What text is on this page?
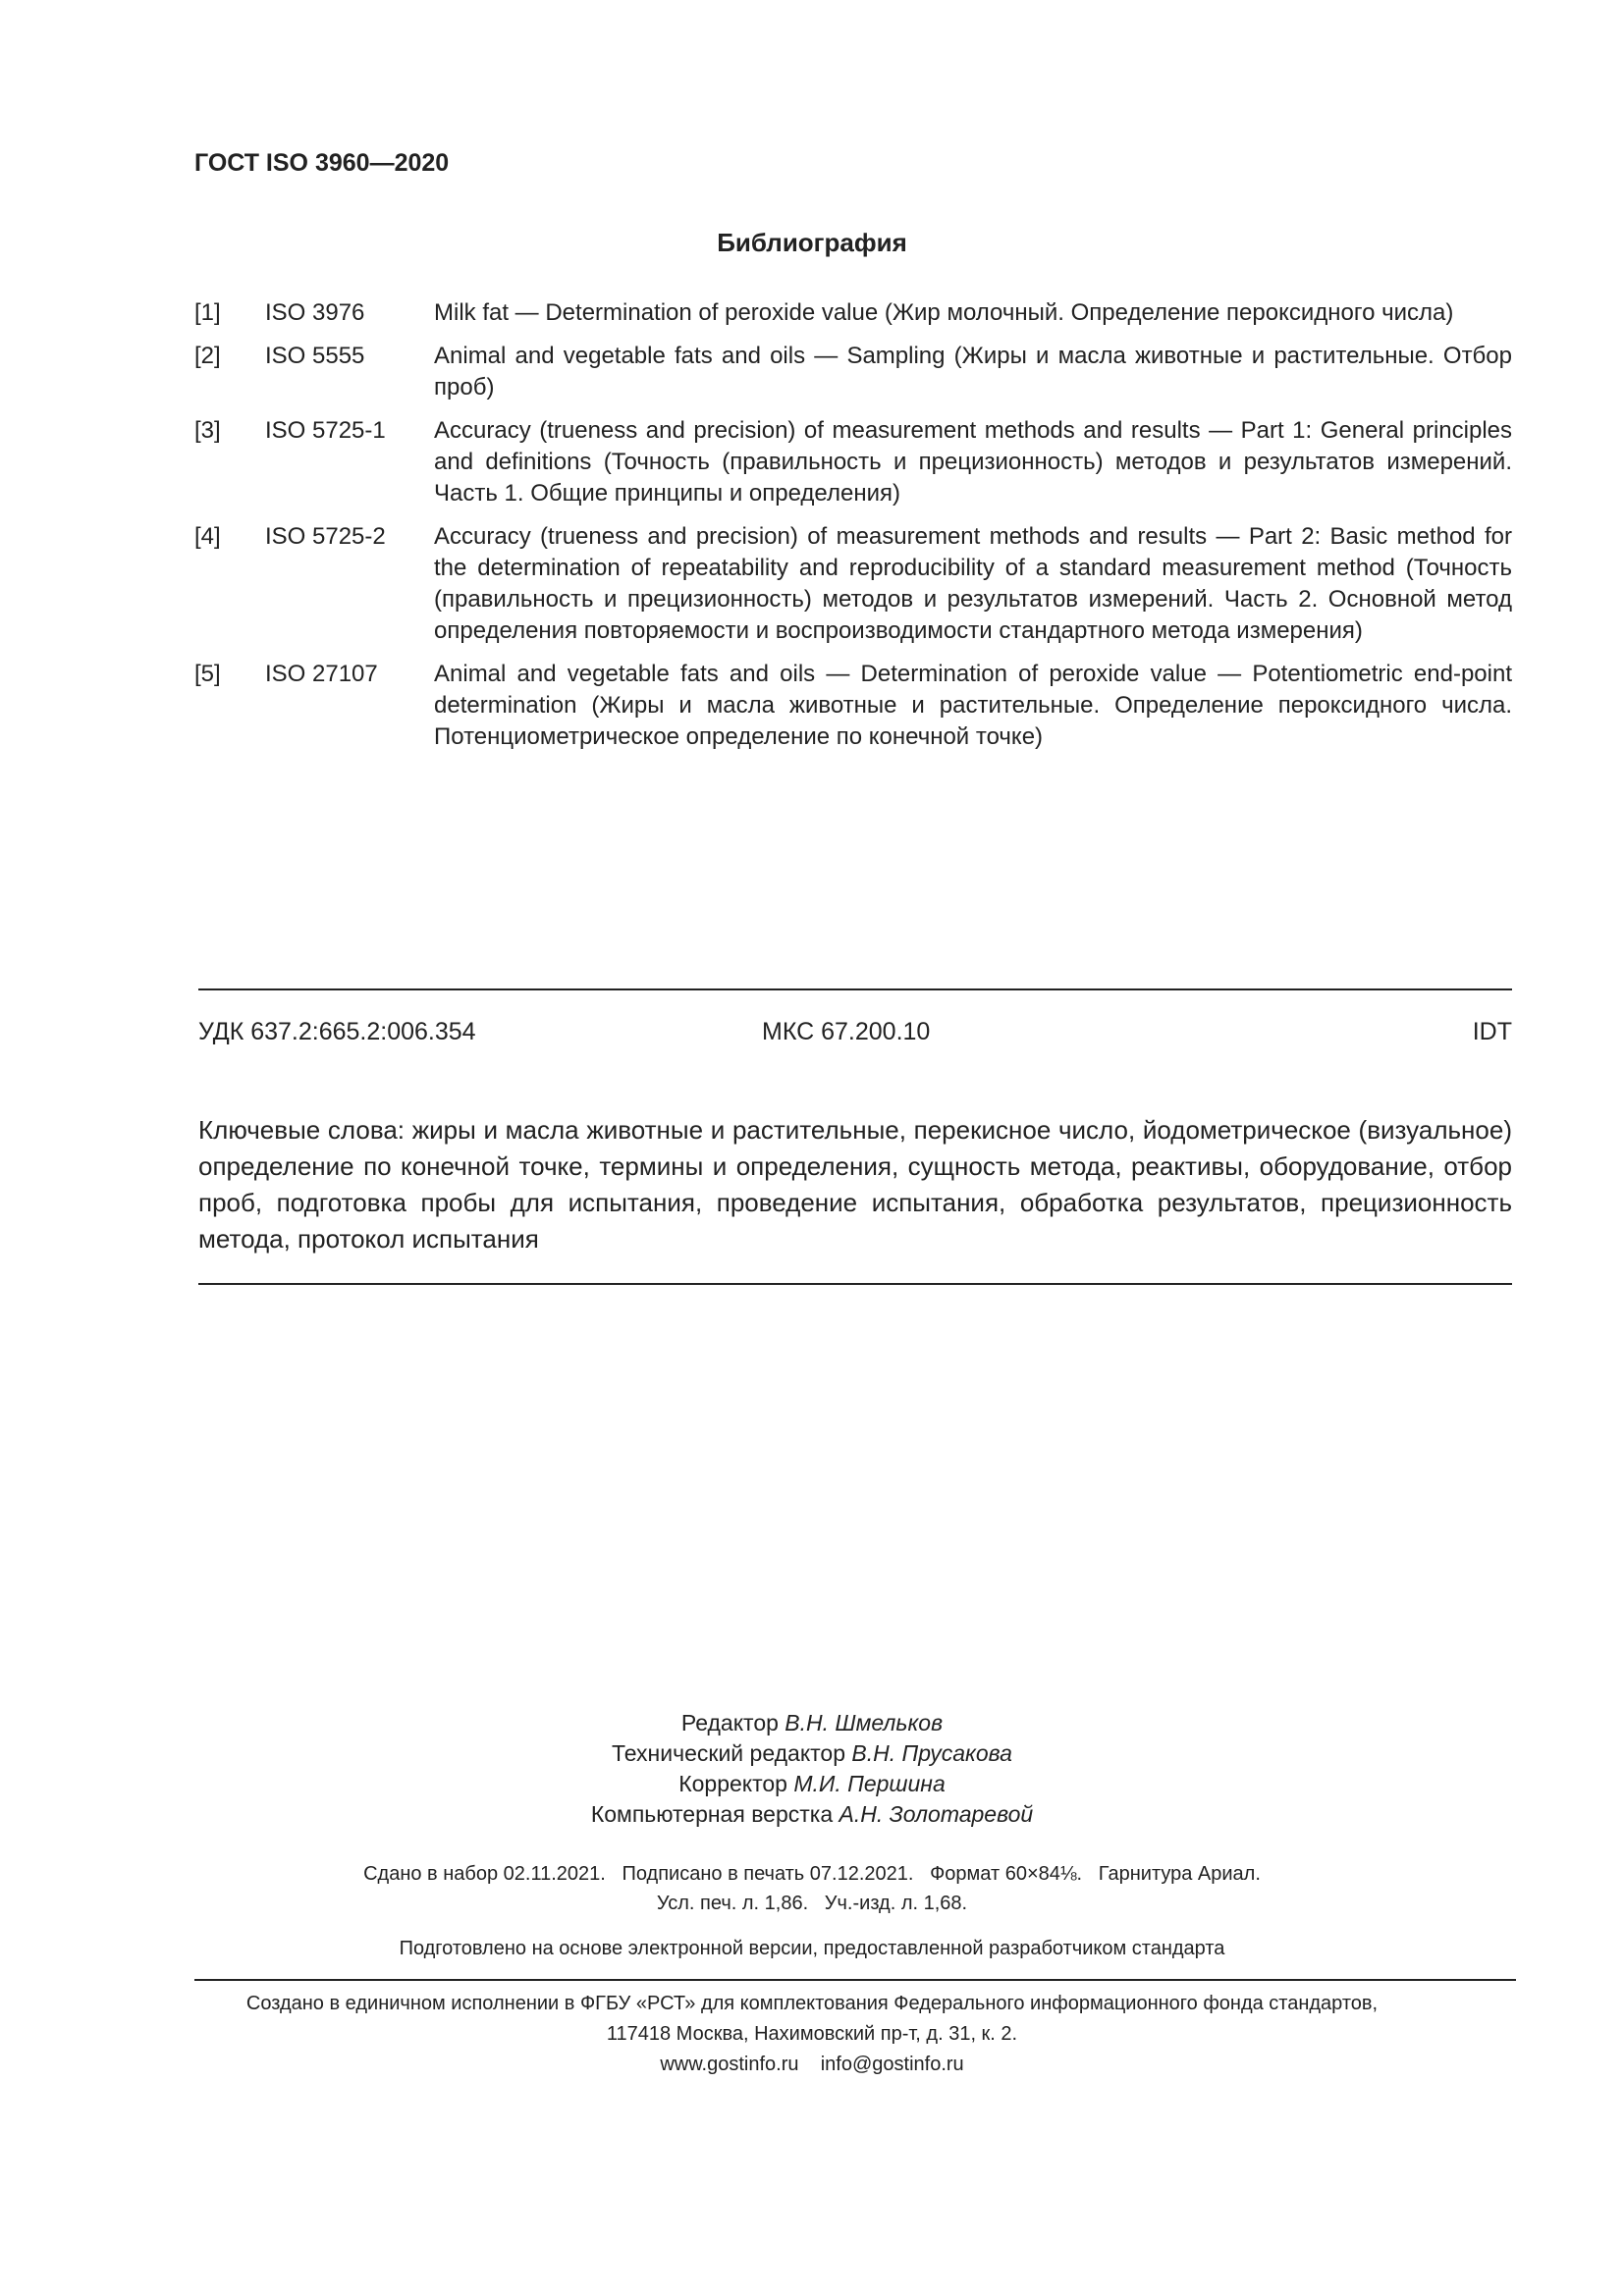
ГОСТ ISO 3960—2020
Библиография
[1]	ISO 3976	Milk fat — Determination of peroxide value (Жир молочный. Определение пероксидного числа)
[2]	ISO 5555	Animal and vegetable fats and oils — Sampling (Жиры и масла животные и растительные. Отбор проб)
[3]	ISO 5725-1	Accuracy (trueness and precision) of measurement methods and results — Part 1: General principles and definitions (Точность (правильность и прецизионность) методов и результатов измерений. Часть 1. Общие принципы и определения)
[4]	ISO 5725-2	Accuracy (trueness and precision) of measurement methods and results — Part 2: Basic method for the determination of repeatability and reproducibility of a standard measurement method (Точность (правильность и прецизионность) методов и результатов измерений. Часть 2. Основной метод определения повторяемости и воспроизводимости стандартного метода измерения)
[5]	ISO 27107	Animal and vegetable fats and oils — Determination of peroxide value — Potentiometric end-point determination (Жиры и масла животные и растительные. Определение пероксидного числа. Потенциометрическое определение по конечной точке)
УДК 637.2:665.2:006.354	МКС 67.200.10	IDT
Ключевые слова: жиры и масла животные и растительные, перекисное число, йодометрическое (визуальное) определение по конечной точке, термины и определения, сущность метода, реактивы, оборудование, отбор проб, подготовка пробы для испытания, проведение испытания, обработка результатов, прецизионность метода, протокол испытания
Редактор В.Н. Шмельков
Технический редактор В.Н. Прусакова
Корректор М.И. Першина
Компьютерная верстка А.Н. Золотаревой
Сдано в набор 02.11.2021.   Подписано в печать 07.12.2021.   Формат 60×84⅛.   Гарнитура Ариал.
Усл. печ. л. 1,86.   Уч.-изд. л. 1,68.
Подготовлено на основе электронной версии, предоставленной разработчиком стандарта
Создано в единичном исполнении в ФГБУ «РСТ» для комплектования Федерального информационного фонда стандартов,
117418 Москва, Нахимовский пр-т, д. 31, к. 2.
www.gostinfo.ru    info@gostinfo.ru
